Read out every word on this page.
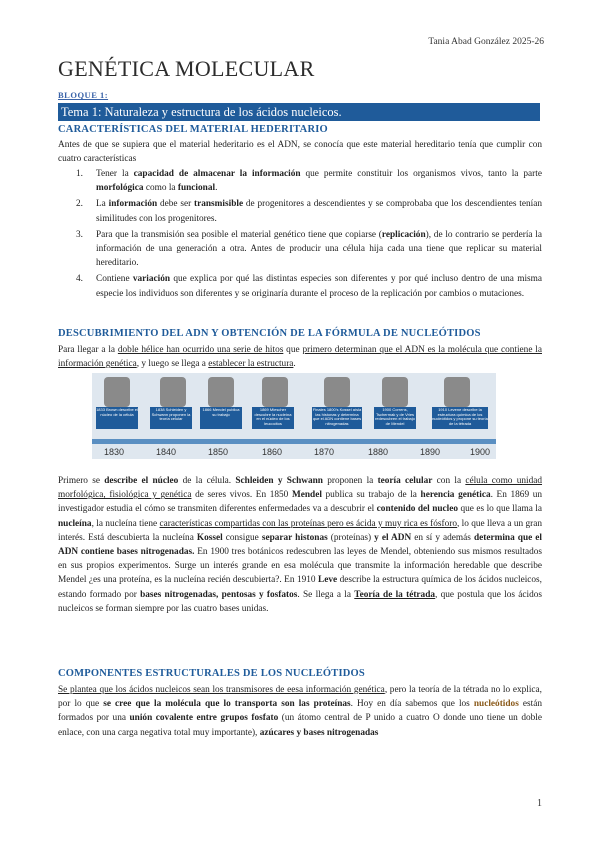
Tania Abad González 2025-26
GENÉTICA MOLECULAR
BLOQUE 1:
Tema 1: Naturaleza y estructura de los ácidos nucleicos.
CARACTERÍSTICAS DEL MATERIAL HEDERITARIO
Antes de que se supiera que el material hederitario es el ADN, se conocía que este material hereditario tenía que cumplir con cuatro características
1. Tener la capacidad de almacenar la información que permite constituir los organismos vivos, tanto la parte morfológica como la funcional.
2. La información debe ser transmisible de progenitores a descendientes y se comprobaba que los descendientes tenían similitudes con los progenitores.
3. Para que la transmisión sea posible el material genético tiene que copiarse (replicación), de lo contrario se perdería la información de una generación a otra. Antes de producir una célula hija cada una tiene que replicar su material hereditario.
4. Contiene variación que explica por qué las distintas especies son diferentes y por qué incluso dentro de una misma especie los individuos son diferentes y se originaría durante el proceso de la replicación por cambios o mutaciones.
DESCUBRIMIENTO DEL ADN Y OBTENCIÓN DE LA FÓRMULA DE NUCLEÓTIDOS
Para llegar a la doble hélice han ocurrido una serie de hitos que primero determinan que el ADN es la molécula que contiene la información genética, y luego se llega a establecer la estructura.
1833 Brown describe el núcleo de la célula
1838 Schleiden y Schwann proponen la teoría celular
1866 Mendel publica su trabajo
1869 Miescher descubre la nucleína en el núcleo de los leucocitos
Finales 1800's Kossel aísla las histonas y determina que el ADN contiene bases nitrogenadas
1900 Correns, Tschermak y de Vries redescubren el trabajo de Mendel
1910 Levene describe la estructura química de los nucleótidos y propone su teoría de la tétrada
1830	1840	1850	1860	1870	1880	1890	1900
Primero se describe el núcleo de la célula. Schleiden y Schwann proponen la teoría celular con la célula como unidad morfológica, fisiológica y genética de seres vivos. En 1850 Mendel publica su trabajo de la herencia genética. En 1869 un investigador estudia el cómo se transmiten diferentes enfermedades va a descubrir el contenido del nucleo que es lo que llama la nucleína, la nucleína tiene características compartidas con las proteínas pero es ácida y muy rica es fósforo, lo que lleva a un gran interés. Está descubierta la nucleína Kossel consigue separar histonas (proteínas) y el ADN en sí y además determina que el ADN contiene bases nitrogenadas. En 1900 tres botánicos redescubren las leyes de Mendel, obteniendo sus mismos resultados en sus propios experimentos. Surge un interés grande en esa molécula que transmite la información heredable que describe Mendel ¿es una proteína, es la nucleína recién descubierta?. En 1910 Leve describe la estructura química de los ácidos nucleicos, estando formado por bases nitrogenadas, pentosas y fosfatos. Se llega a la Teoría de la tétrada, que postula que los ácidos nucleicos se forman siempre por las cuatro bases unidas.
COMPONENTES ESTRUCTURALES DE LOS NUCLEÓTIDOS
Se plantea que los ácidos nucleicos sean los transmisores de eesa información genética, pero la teoría de la tétrada no lo explica, por lo que se cree que la molécula que lo transporta son las proteínas. Hoy en día sabemos que los nucleótidos están formados por una unión covalente entre grupos fosfato (un átomo central de P unido a cuatro O donde uno tiene un doble enlace, con una carga negativa total muy importante), azúcares y bases nitrogenadas
1
